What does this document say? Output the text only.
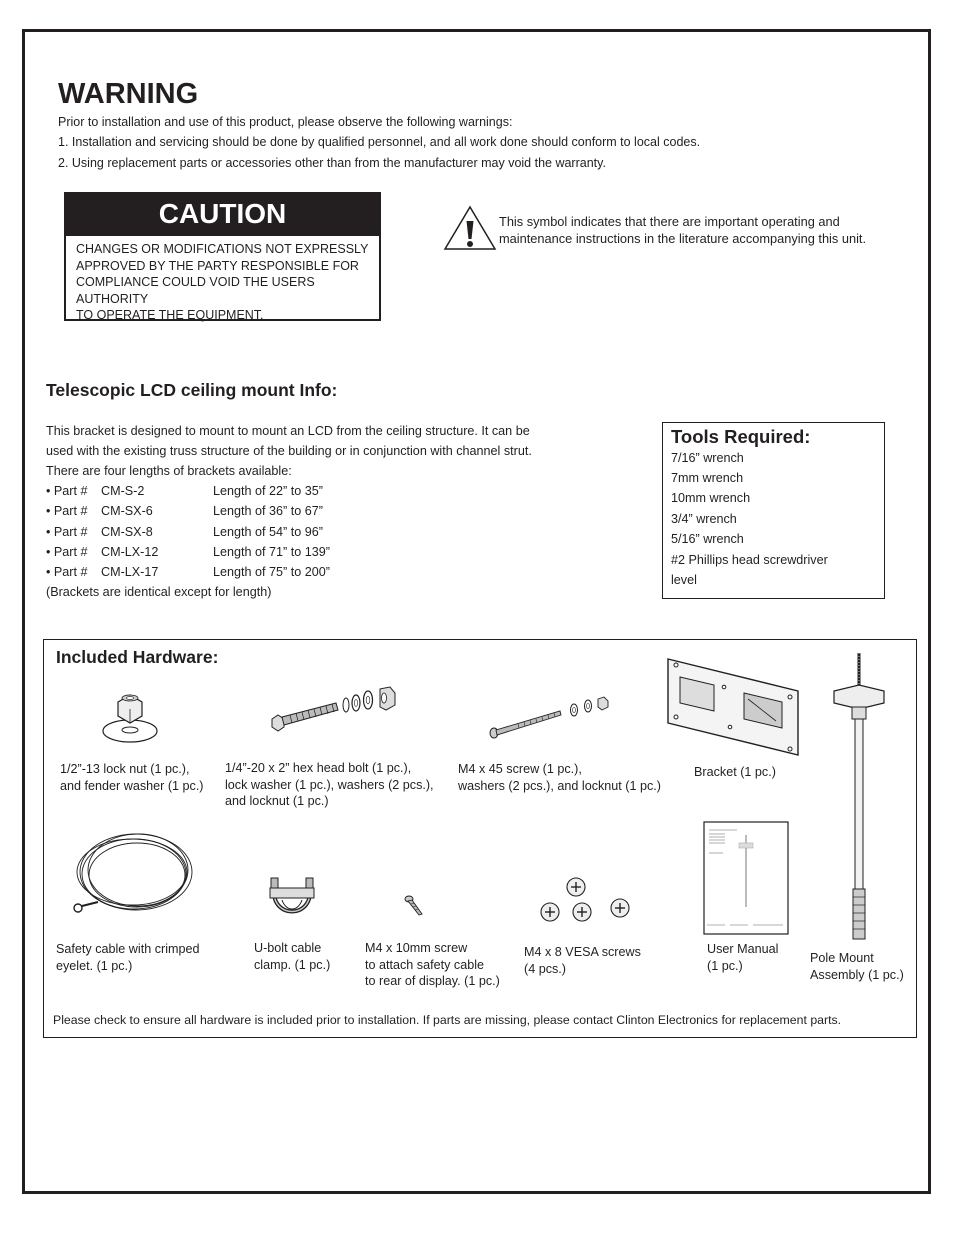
WARNING
Prior to installation and use of this product, please observe the following warnings:
1. Installation and servicing should be done by qualified personnel, and all work done should conform to local codes.
2. Using replacement parts or accessories other than from the manufacturer may void the warranty.
CAUTION
CHANGES OR MODIFICATIONS NOT EXPRESSLY
APPROVED BY THE PARTY RESPONSIBLE FOR
COMPLIANCE COULD VOID THE USERS AUTHORITY
TO OPERATE THE EQUIPMENT.
This symbol indicates that there are important operating and
maintenance instructions in the literature accompanying this unit.
Telescopic LCD ceiling mount Info:
This bracket is designed to mount to mount an LCD from the ceiling structure. It can be
used with the existing truss structure of the building or in conjunction with channel strut.
There are four lengths of brackets available:
• Part # CM-S-2	Length of 22” to 35”
• Part # CM-SX-6	Length of 36” to 67”
• Part # CM-SX-8	Length of 54” to 96”
• Part # CM-LX-12	Length of 71” to 139”
• Part # CM-LX-17	Length of 75” to 200”
(Brackets are identical except for length)
Tools Required:
7/16” wrench
7mm wrench
10mm wrench
3/4” wrench
5/16” wrench
#2 Phillips head screwdriver
level
Included Hardware:
1/2”-13 lock nut (1 pc.),
and fender washer (1 pc.)
1/4”-20 x 2” hex head bolt (1 pc.),
lock washer (1 pc.), washers (2 pcs.),
and locknut (1 pc.)
M4 x 45 screw (1 pc.),
washers (2 pcs.), and locknut (1 pc.)
Bracket (1 pc.)
Safety cable with crimped
eyelet. (1 pc.)
U-bolt cable
clamp. (1 pc.)
M4 x 10mm screw
to attach safety cable
to rear of display. (1 pc.)
M4 x 8 VESA screws
(4 pcs.)
User Manual
(1 pc.)
Pole Mount
Assembly (1 pc.)
Please check to ensure all hardware is included prior to installation. If parts are missing, please contact Clinton Electronics for replacement parts.
